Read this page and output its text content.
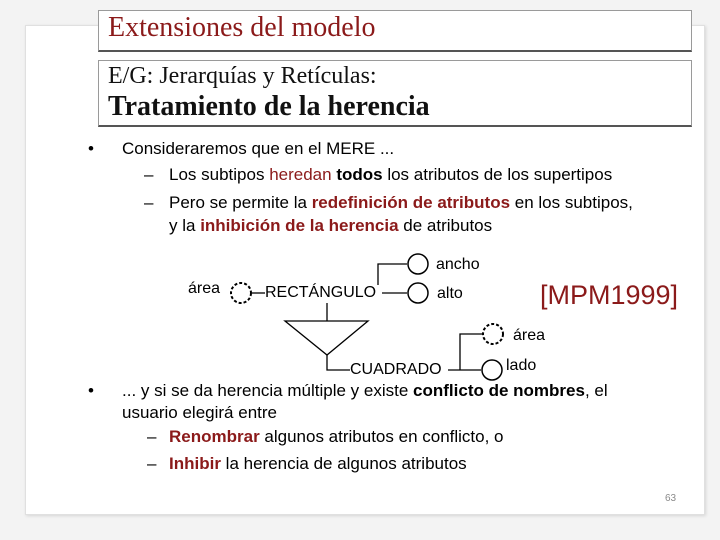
Extensiones del modelo
E/G: Jerarquías y Retículas:
Tratamiento de la herencia
• Consideraremos que en el MERE ...
– Los subtipos heredan todos los atributos de los supertipos
– Pero se permite la redefinición de atributos en los subtipos,
y la inhibición de la herencia de atributos
RECTÁNGULO
CUADRADO
ancho
alto
área
área
lado
[MPM1999]
• ... y si se da herencia múltiple y existe conflicto de nombres, el
usuario elegirá entre
– Renombrar algunos atributos en conflicto, o
– Inhibir la herencia de algunos atributos
63
